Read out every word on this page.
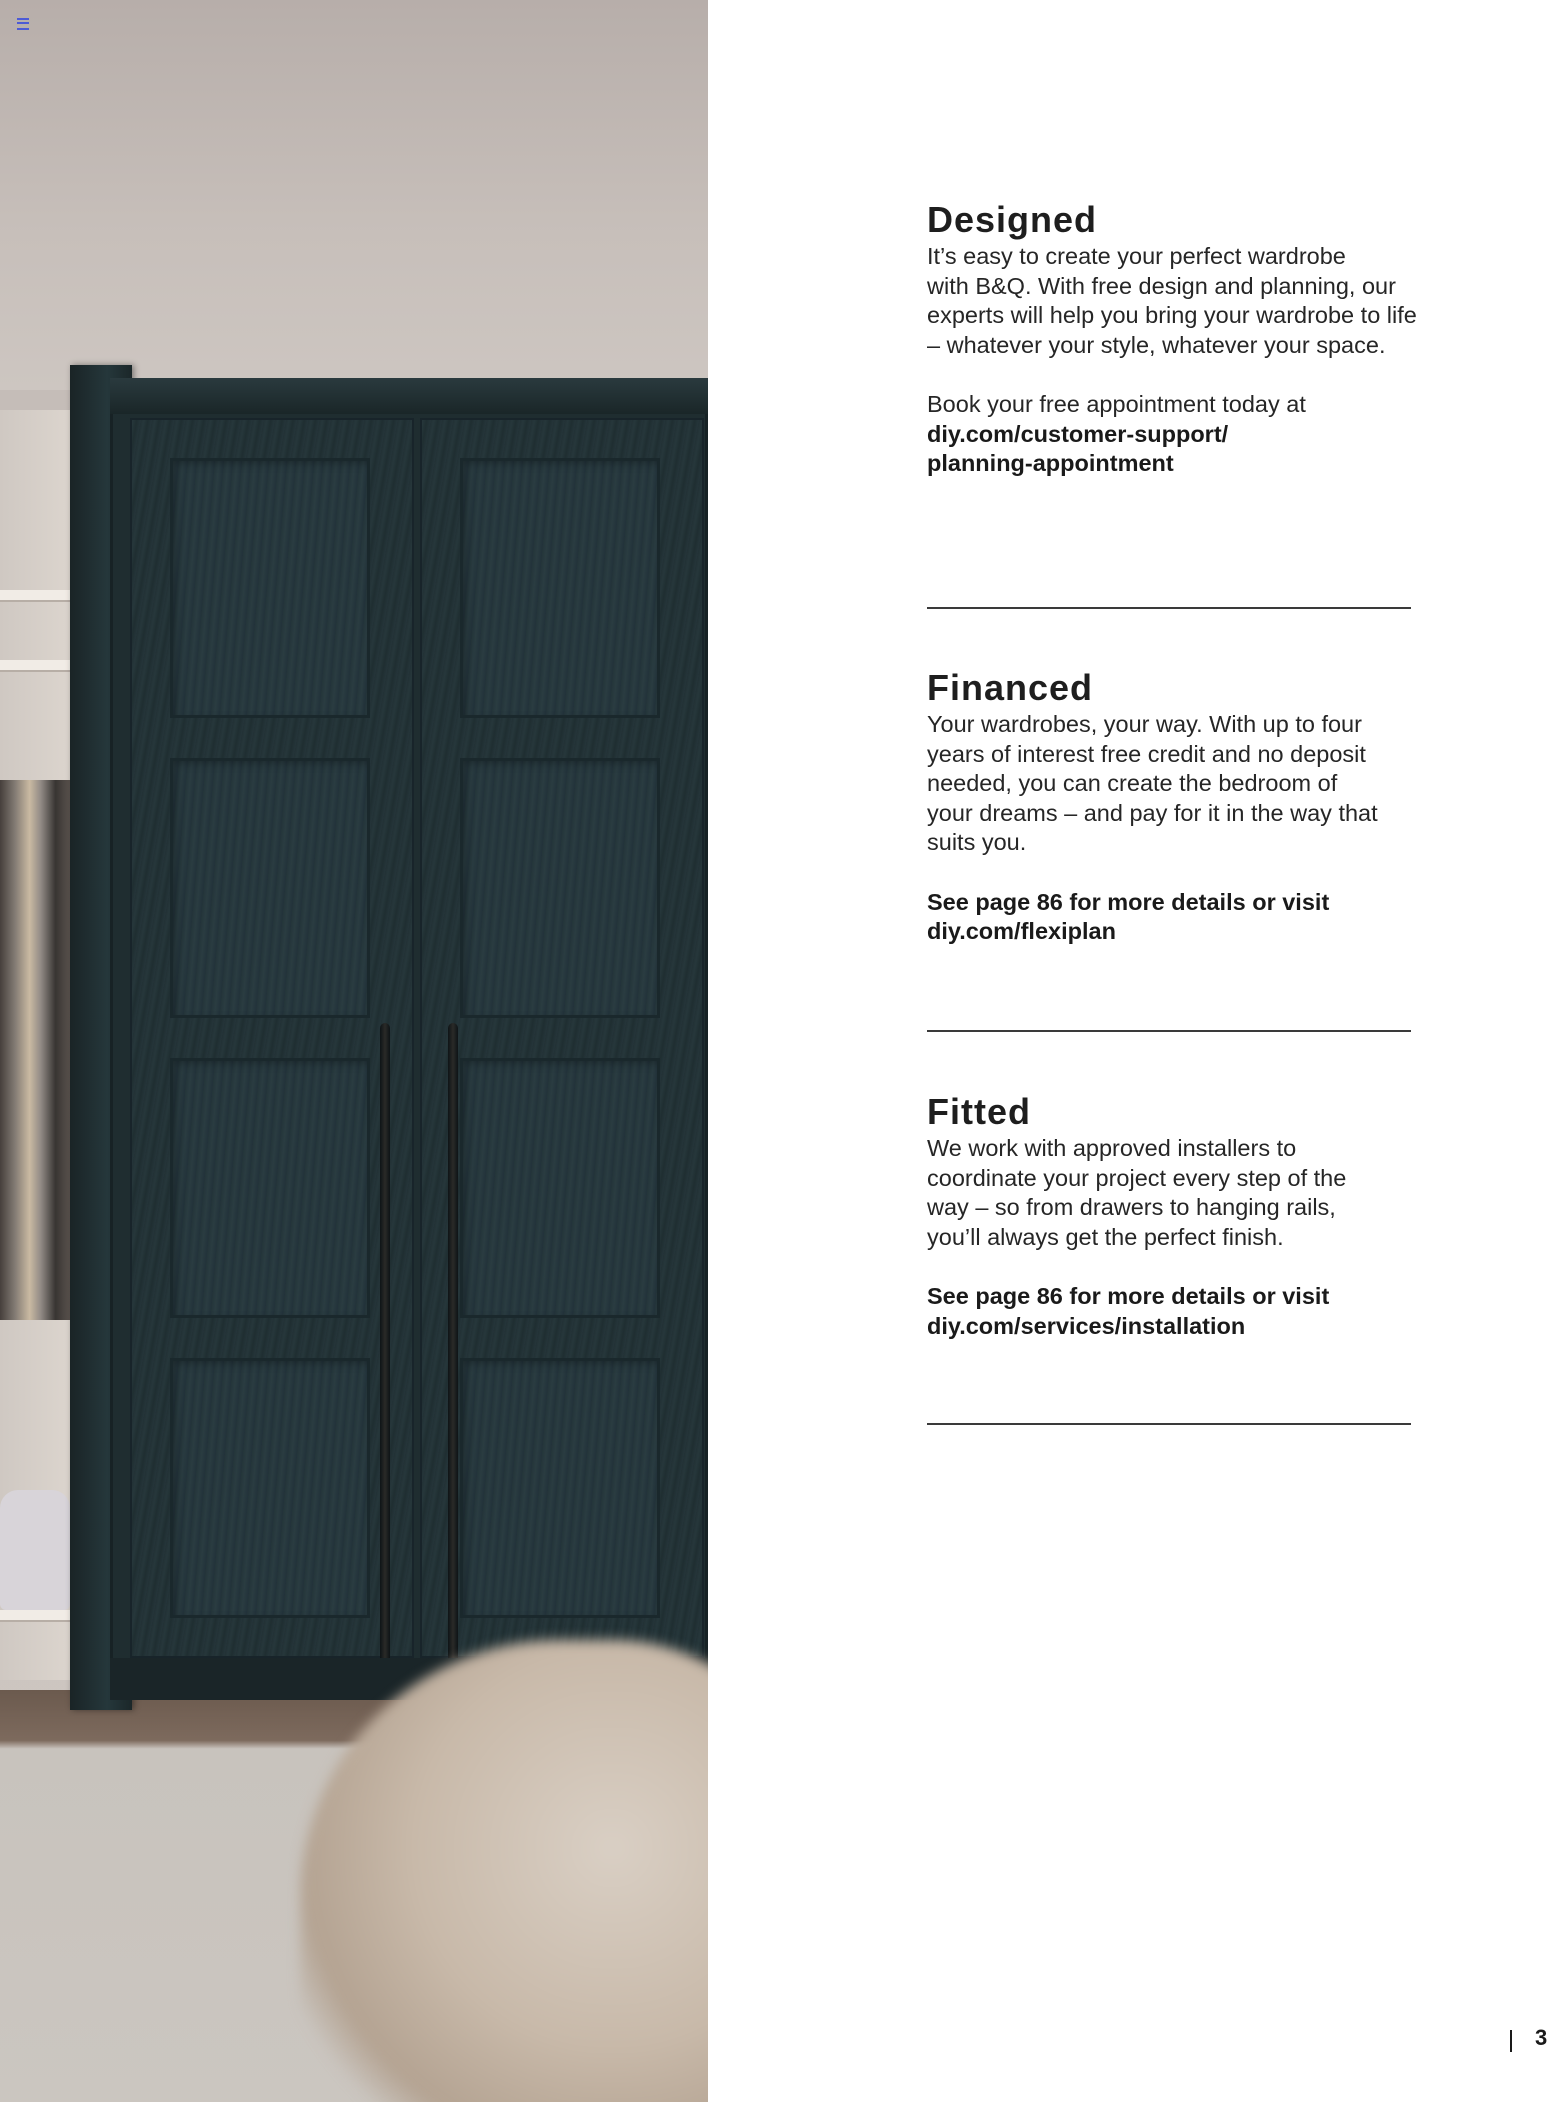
Designed

It’s easy to create your perfect wardrobe

with B&Q. With free design and planning, our

experts will help you bring your wardrobe to life

– whatever your style, whatever your space.

Book your free appointment today at

diy.com/customer-support/

planning-appointment

Financed

Your wardrobes, your way. With up to four

years of interest free credit and no deposit

needed, you can create the bedroom of

your dreams – and pay for it in the way that

suits you.

See page 86 for more details or visit

diy.com/flexiplan

Fitted

We work with approved installers to

coordinate your project every step of the

way – so from drawers to hanging rails,

you’ll always get the perfect finish.

See page 86 for more details or visit

diy.com/services/installation

3
